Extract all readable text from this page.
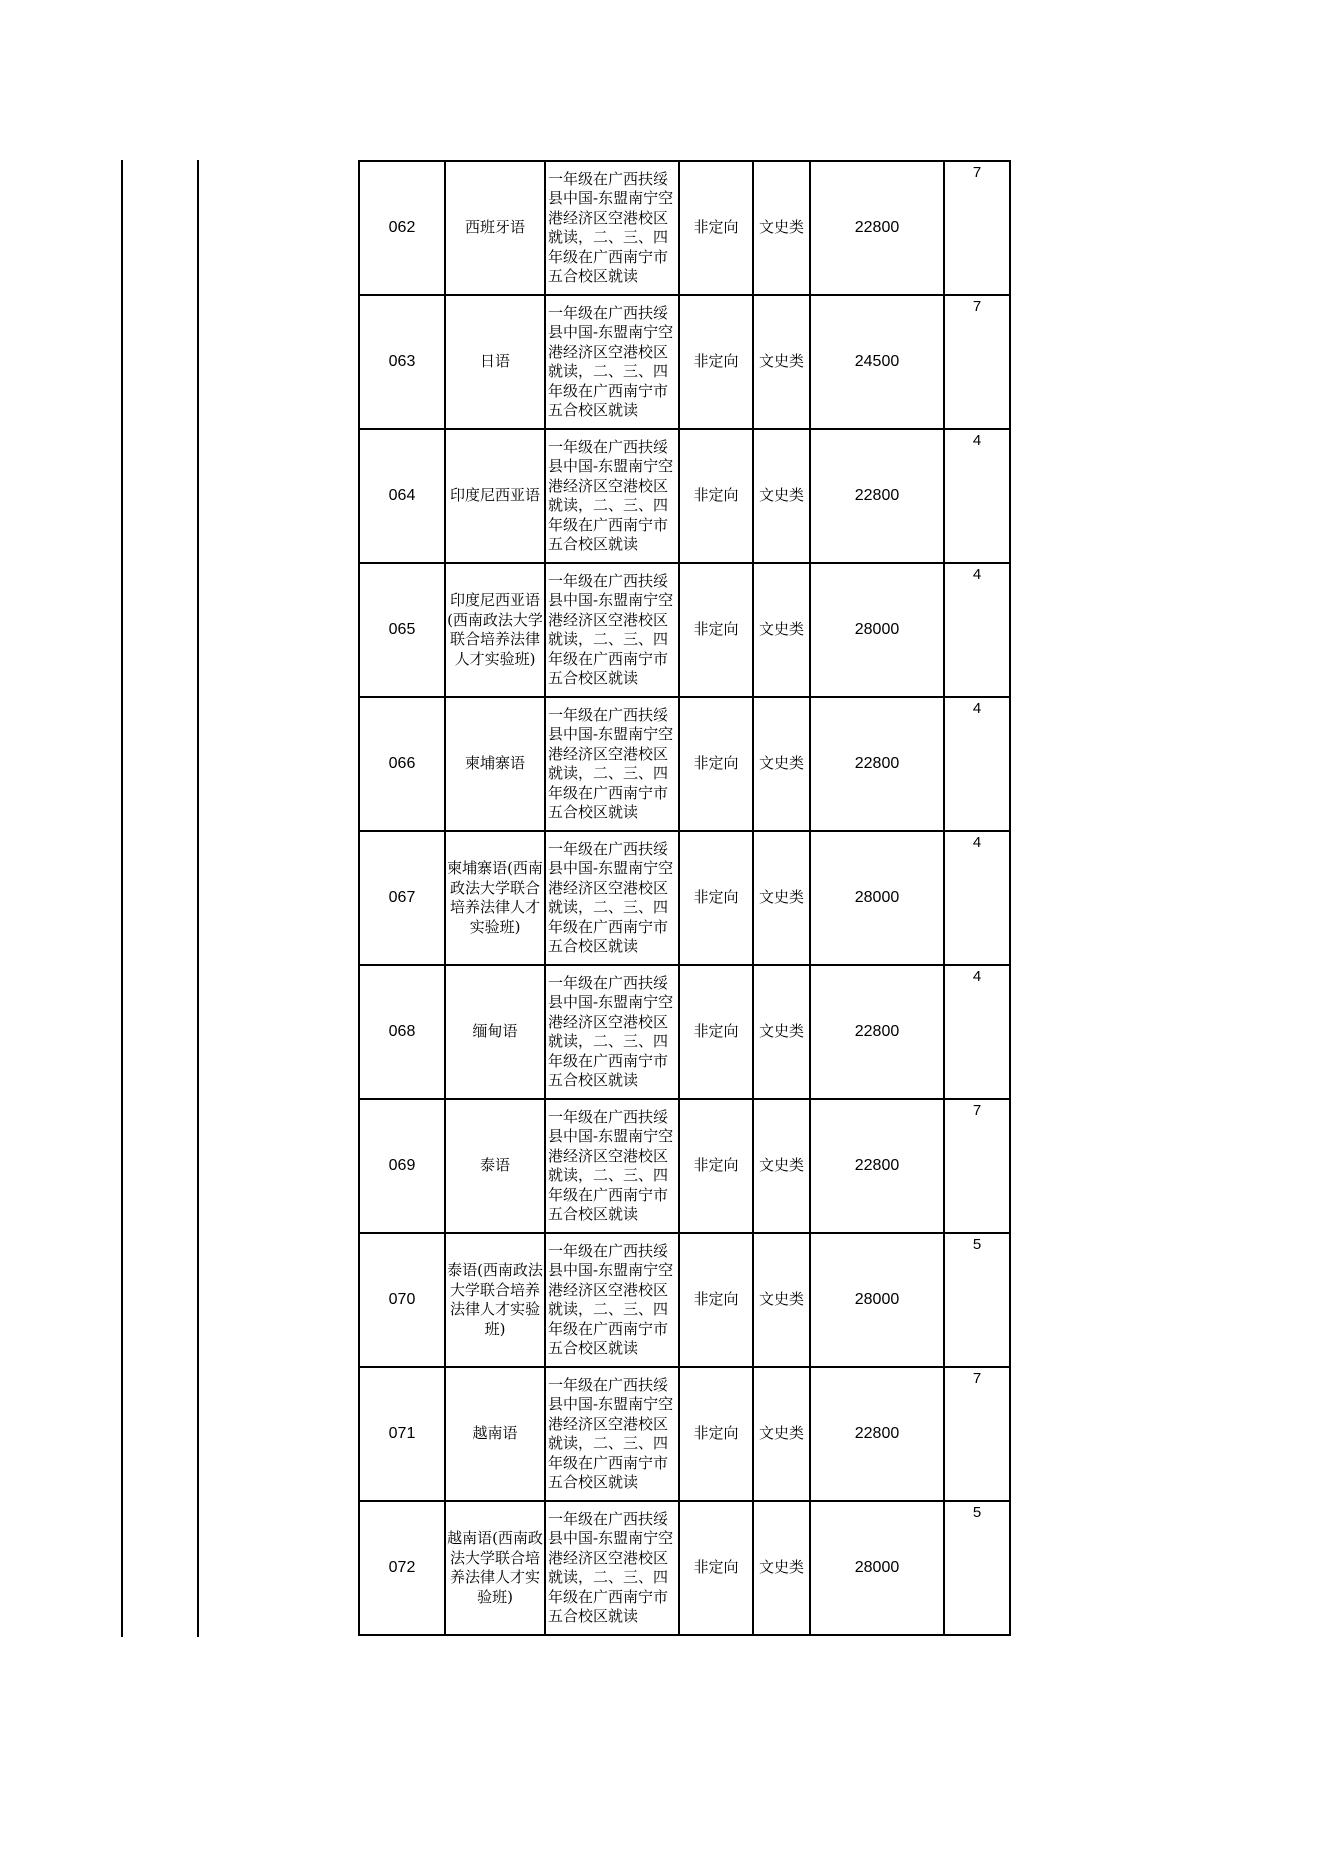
062	西班牙语	一年级在广西扶绥县中国-东盟南宁空港经济区空港校区就读，二、三、四年级在广西南宁市五合校区就读	非定向	文史类	22800	7
063	日语	一年级在广西扶绥县中国-东盟南宁空港经济区空港校区就读，二、三、四年级在广西南宁市五合校区就读	非定向	文史类	24500	7
064	印度尼西亚语	一年级在广西扶绥县中国-东盟南宁空港经济区空港校区就读，二、三、四年级在广西南宁市五合校区就读	非定向	文史类	22800	4
065	印度尼西亚语(西南政法大学联合培养法律人才实验班)	一年级在广西扶绥县中国-东盟南宁空港经济区空港校区就读，二、三、四年级在广西南宁市五合校区就读	非定向	文史类	28000	4
066	柬埔寨语	一年级在广西扶绥县中国-东盟南宁空港经济区空港校区就读，二、三、四年级在广西南宁市五合校区就读	非定向	文史类	22800	4
067	柬埔寨语(西南政法大学联合培养法律人才实验班)	一年级在广西扶绥县中国-东盟南宁空港经济区空港校区就读，二、三、四年级在广西南宁市五合校区就读	非定向	文史类	28000	4
068	缅甸语	一年级在广西扶绥县中国-东盟南宁空港经济区空港校区就读，二、三、四年级在广西南宁市五合校区就读	非定向	文史类	22800	4
069	泰语	一年级在广西扶绥县中国-东盟南宁空港经济区空港校区就读，二、三、四年级在广西南宁市五合校区就读	非定向	文史类	22800	7
070	泰语(西南政法大学联合培养法律人才实验班)	一年级在广西扶绥县中国-东盟南宁空港经济区空港校区就读，二、三、四年级在广西南宁市五合校区就读	非定向	文史类	28000	5
071	越南语	一年级在广西扶绥县中国-东盟南宁空港经济区空港校区就读，二、三、四年级在广西南宁市五合校区就读	非定向	文史类	22800	7
072	越南语(西南政法大学联合培养法律人才实验班)	一年级在广西扶绥县中国-东盟南宁空港经济区空港校区就读，二、三、四年级在广西南宁市五合校区就读	非定向	文史类	28000	5
